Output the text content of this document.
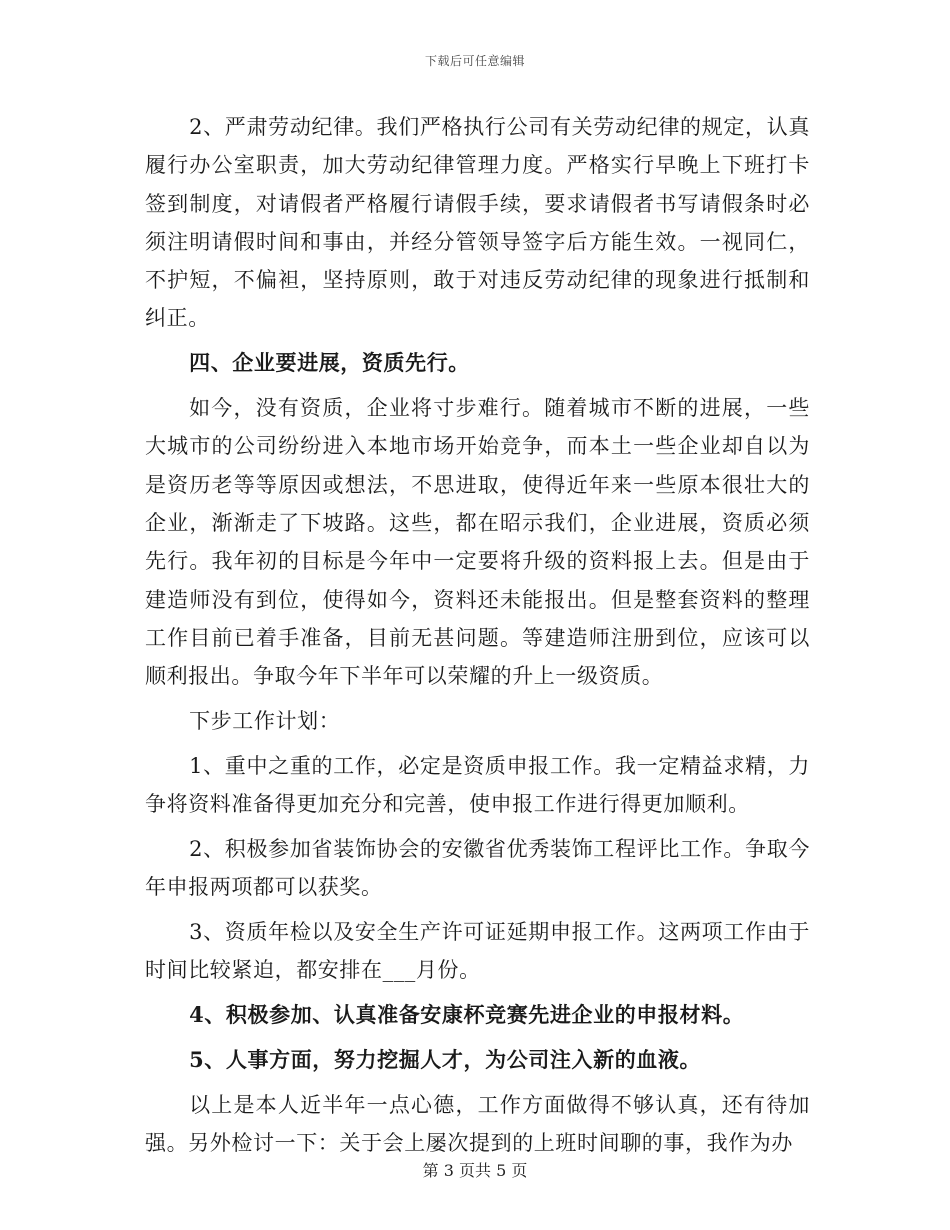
下载后可任意编辑

2、严肃劳动纪律。我们严格执行公司有关劳动纪律的规定，认真履行办公室职责，加大劳动纪律管理力度。严格实行早晚上下班打卡签到制度，对请假者严格履行请假手续，要求请假者书写请假条时必须注明请假时间和事由，并经分管领导签字后方能生效。一视同仁，不护短，不偏袒，坚持原则，敢于对违反劳动纪律的现象进行抵制和纠正。

四、企业要进展，资质先行。

如今，没有资质，企业将寸步难行。随着城市不断的进展，一些大城市的公司纷纷进入本地市场开始竞争，而本土一些企业却自以为是资历老等等原因或想法，不思进取，使得近年来一些原本很壮大的企业，渐渐走了下坡路。这些，都在昭示我们，企业进展，资质必须先行。我年初的目标是今年中一定要将升级的资料报上去。但是由于建造师没有到位，使得如今，资料还未能报出。但是整套资料的整理工作目前已着手准备，目前无甚问题。等建造师注册到位，应该可以顺利报出。争取今年下半年可以荣耀的升上一级资质。

下步工作计划：

1、重中之重的工作，必定是资质申报工作。我一定精益求精，力争将资料准备得更加充分和完善，使申报工作进行得更加顺利。

2、积极参加省装饰协会的安徽省优秀装饰工程评比工作。争取今年申报两项都可以获奖。

3、资质年检以及安全生产许可证延期申报工作。这两项工作由于时间比较紧迫，都安排在___月份。

4、积极参加、认真准备安康杯竞赛先进企业的申报材料。

5、人事方面，努力挖掘人才，为公司注入新的血液。

以上是本人近半年一点心德，工作方面做得不够认真，还有待加强。另外检讨一下：关于会上屡次提到的上班时间聊的事，我作为办

第 3 页共 5 页
